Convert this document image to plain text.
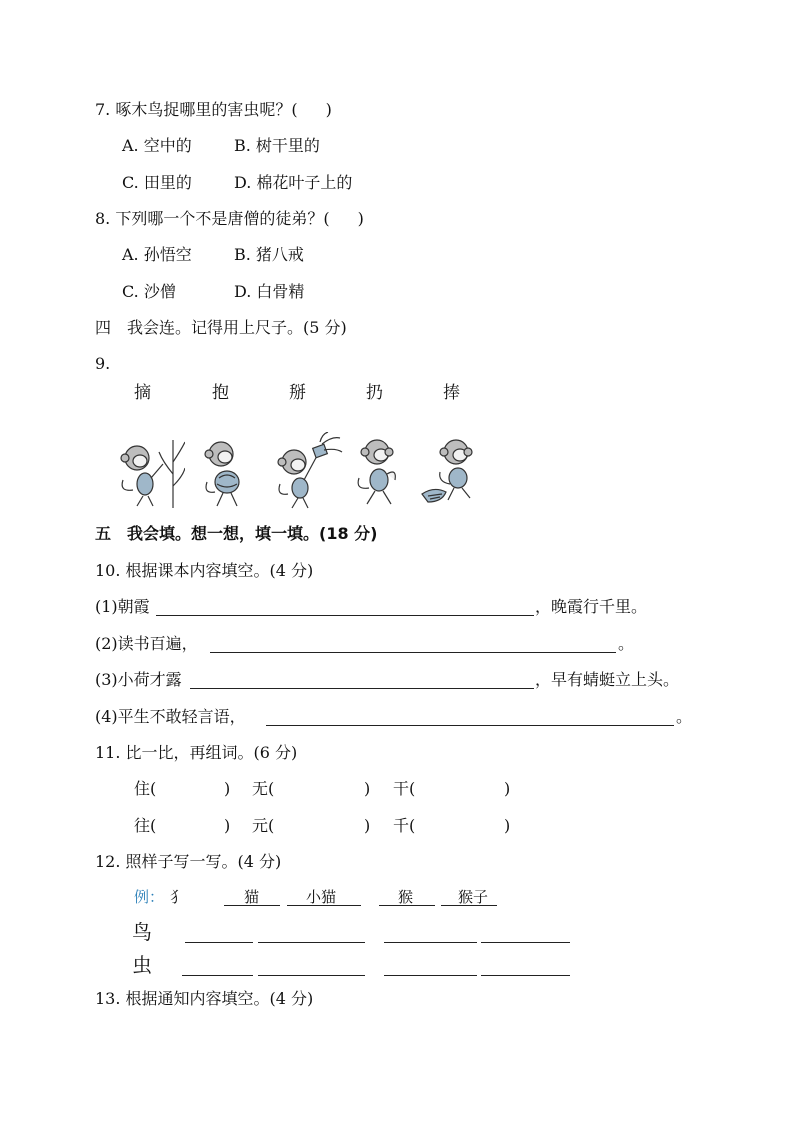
7. 啄木鸟捉哪里的害虫呢？( )
A. 空中的	B. 树干里的
C. 田里的	D. 棉花叶子上的
8. 下列哪一个不是唐僧的徒弟？( )
A. 孙悟空	B. 猪八戒
C. 沙僧	D. 白骨精
四　我会连。记得用上尺子。(5 分)
9.
摘	抱	掰	扔	捧
五　我会填。想一想，填一填。(18 分)
10. 根据课本内容填空。(4 分)
(1)朝霞	，晚霞行千里。
(2)读书百遍，	。
(3)小荷才露	，早有蜻蜓立上头。
(4)平生不敢轻言语，	。
11. 比一比，再组词。(6 分)
住(	) 无(	) 干(	)
往(	) 元(	) 千(	)
12. 照样子写一写。(4 分)
例： 犭	猫	小猫	猴	猴子
鸟
虫
13. 根据通知内容填空。(4 分)
